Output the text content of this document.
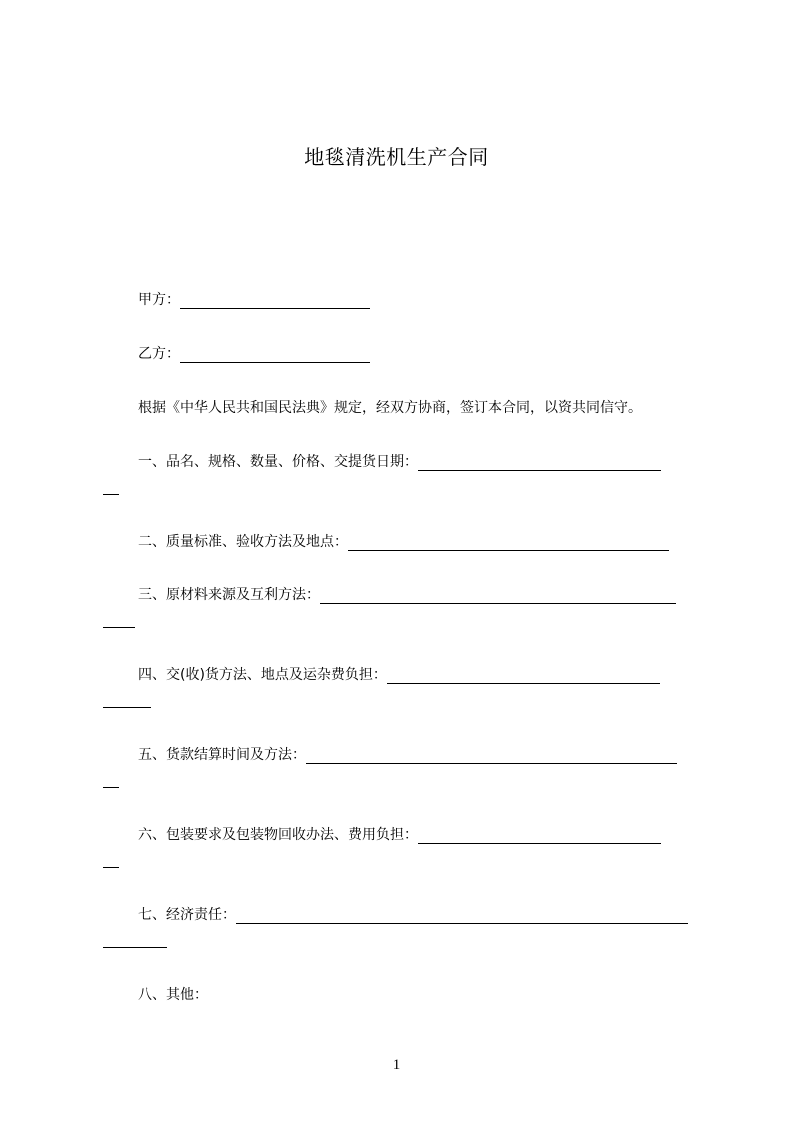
地毯清洗机生产合同
甲方：
乙方：
根据《中华人民共和国民法典》规定，经双方协商，签订本合同，以资共同信守。
一、品名、规格、数量、价格、交提货日期：
二、质量标准、验收方法及地点：
三、原材料来源及互利方法：
四、交(收)货方法、地点及运杂费负担：
五、货款结算时间及方法：
六、包装要求及包装物回收办法、费用负担：
七、经济责任：
八、其他：
1
